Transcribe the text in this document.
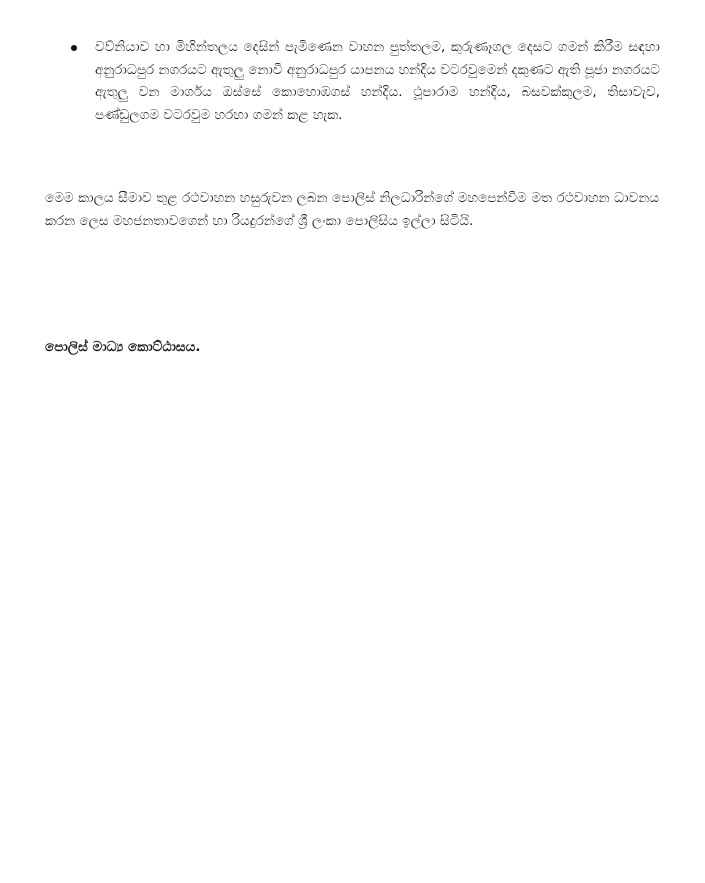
වව්නියාව හා මිහින්තලය දෙසින් පැමිණෙන වාහන පුත්තලම, කුරුණෑගල දෙසට ගමන් කිරීම සඳහා අනුරාධපුර නගරයට ඇතුලු නොවී අනුරාධපුර යාපනය හන්දිය වටරවුමෙන් දකුණට ඇති පූජා නගරයට ඇතුලු වන මාර්ගය ඔස්සේ කොහොඹගස් හන්දිය. ථූපාරාම හන්දිය, බසවක්කුලම, තිසාවැව, පණ්ඩුලගම වටරවුම හරහා ගමන් කළ හැක.

මෙම කාලය සීමාව තුළ රථවාහන හසුරුවන ලබන පොලිස් නිලධාරින්ගේ මහපෙන්වීම මත රථවාහන ධාවනය කරන ලෙස මහජනතාවගෙන් හා රියදුරන්ගේ ශ්‍රී ලංකා පොලිසිය ඉල්ලා සිටියි.

පොලිස් මාධ්‍ය කොට්ඨාසය.
